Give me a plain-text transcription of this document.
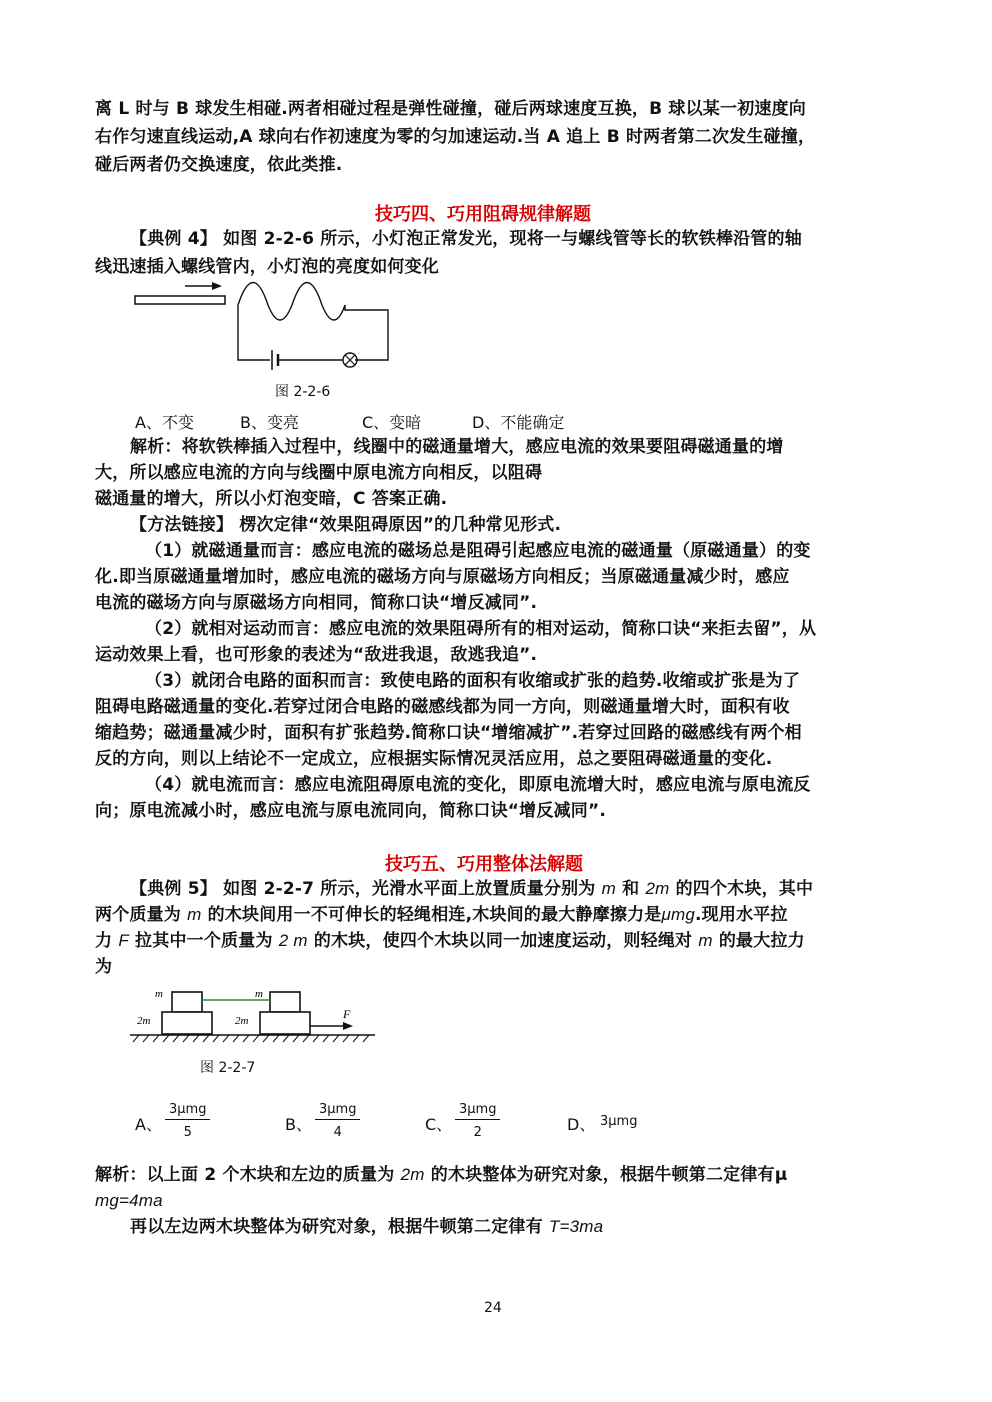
离 L 时与 B 球发生相碰.两者相碰过程是弹性碰撞，碰后两球速度互换，B 球以某一初速度向
右作匀速直线运动,A 球向右作初速度为零的匀加速运动.当 A 追上 B 时两者第二次发生碰撞，
碰后两者仍交换速度，依此类推.
技巧四、巧用阻碍规律解题
【典例 4】 如图 2-2-6 所示，小灯泡正常发光，现将一与螺线管等长的软铁棒沿管的轴
线迅速插入螺线管内，小灯泡的亮度如何变化
图 2-2-6
A、不变	B、变亮	C、变暗	D、不能确定
解析：将软铁棒插入过程中，线圈中的磁通量增大，感应电流的效果要阻碍磁通量的增
大，所以感应电流的方向与线圈中原电流方向相反，以阻碍
磁通量的增大，所以小灯泡变暗，C 答案正确.
【方法链接】 楞次定律“效果阻碍原因”的几种常见形式.
（1）就磁通量而言：感应电流的磁场总是阻碍引起感应电流的磁通量（原磁通量）的变
化.即当原磁通量增加时，感应电流的磁场方向与原磁场方向相反；当原磁通量减少时，感应
电流的磁场方向与原磁场方向相同，简称口诀“增反减同”.
（2）就相对运动而言：感应电流的效果阻碍所有的相对运动，简称口诀“来拒去留”，从
运动效果上看，也可形象的表述为“敌进我退，敌逃我追”.
（3）就闭合电路的面积而言：致使电路的面积有收缩或扩张的趋势.收缩或扩张是为了
阻碍电路磁通量的变化.若穿过闭合电路的磁感线都为同一方向，则磁通量增大时，面积有收
缩趋势；磁通量减少时，面积有扩张趋势.简称口诀“增缩减扩”.若穿过回路的磁感线有两个相
反的方向，则以上结论不一定成立，应根据实际情况灵活应用，总之要阻碍磁通量的变化.
（4）就电流而言：感应电流阻碍原电流的变化，即原电流增大时，感应电流与原电流反
向；原电流减小时，感应电流与原电流同向，简称口诀“增反减同”.
技巧五、巧用整体法解题
【典例 5】 如图 2-2-7 所示，光滑水平面上放置质量分别为 m 和 2m 的四个木块，其中
两个质量为 m 的木块间用一不可伸长的轻绳相连,木块间的最大静摩擦力是μmg.现用水平拉
力 F 拉其中一个质量为 2 m 的木块，使四个木块以同一加速度运动，则轻绳对 m 的最大拉力
为
m	m
2m	2m	F
图 2-2-7
A、
3μmg
5	B、
3μmg
4	C、
3μmg
2	D、 3μmg
解析：以上面 2 个木块和左边的质量为 2m 的木块整体为研究对象，根据牛顿第二定律有μ
mg=4ma
再以左边两木块整体为研究对象，根据牛顿第二定律有 T=3ma
24
